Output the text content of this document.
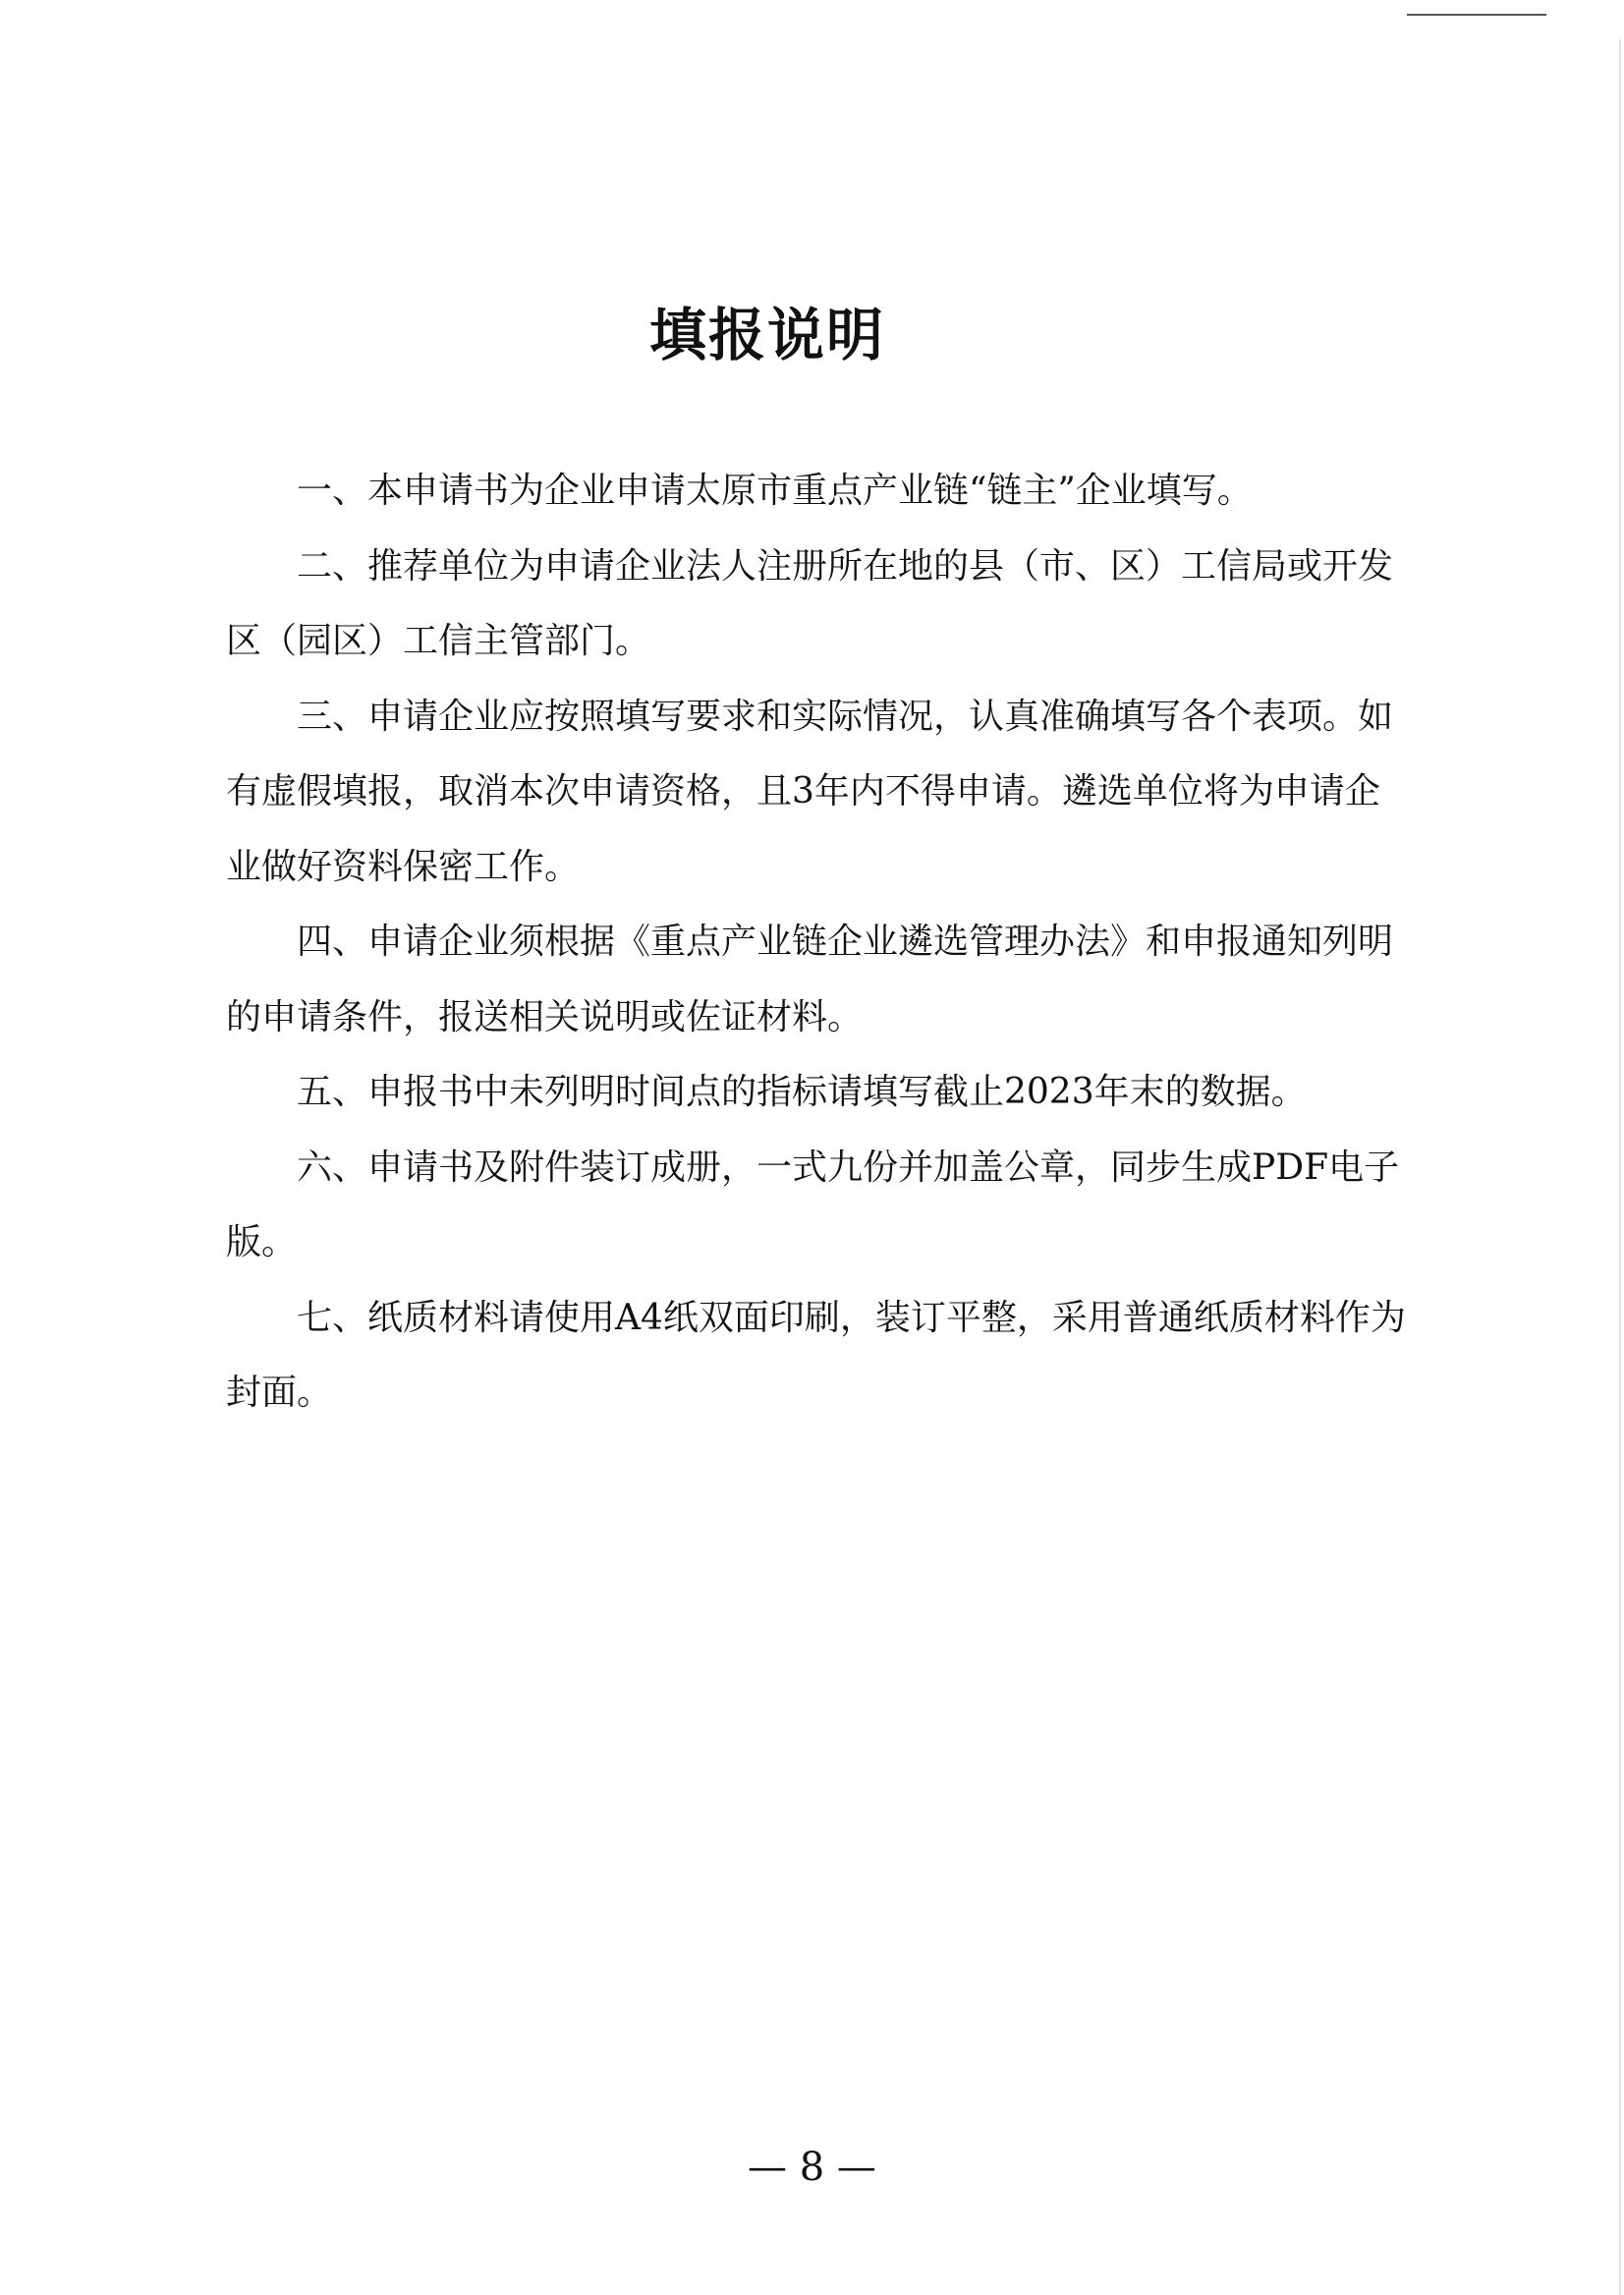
填报说明

一、本申请书为企业申请太原市重点产业链“链主”企业填写。

二、推荐单位为申请企业法人注册所在地的县（市、区）工信局或开发区（园区）工信主管部门。

三、申请企业应按照填写要求和实际情况，认真准确填写各个表项。如有虚假填报，取消本次申请资格，且3年内不得申请。遴选单位将为申请企业做好资料保密工作。

四、申请企业须根据《重点产业链企业遴选管理办法》和申报通知列明的申请条件，报送相关说明或佐证材料。

五、申报书中未列明时间点的指标请填写截止2023年末的数据。

六、申请书及附件装订成册，一式九份并加盖公章，同步生成PDF电子版。

七、纸质材料请使用A4纸双面印刷，装订平整，采用普通纸质材料作为封面。

— 8 —
